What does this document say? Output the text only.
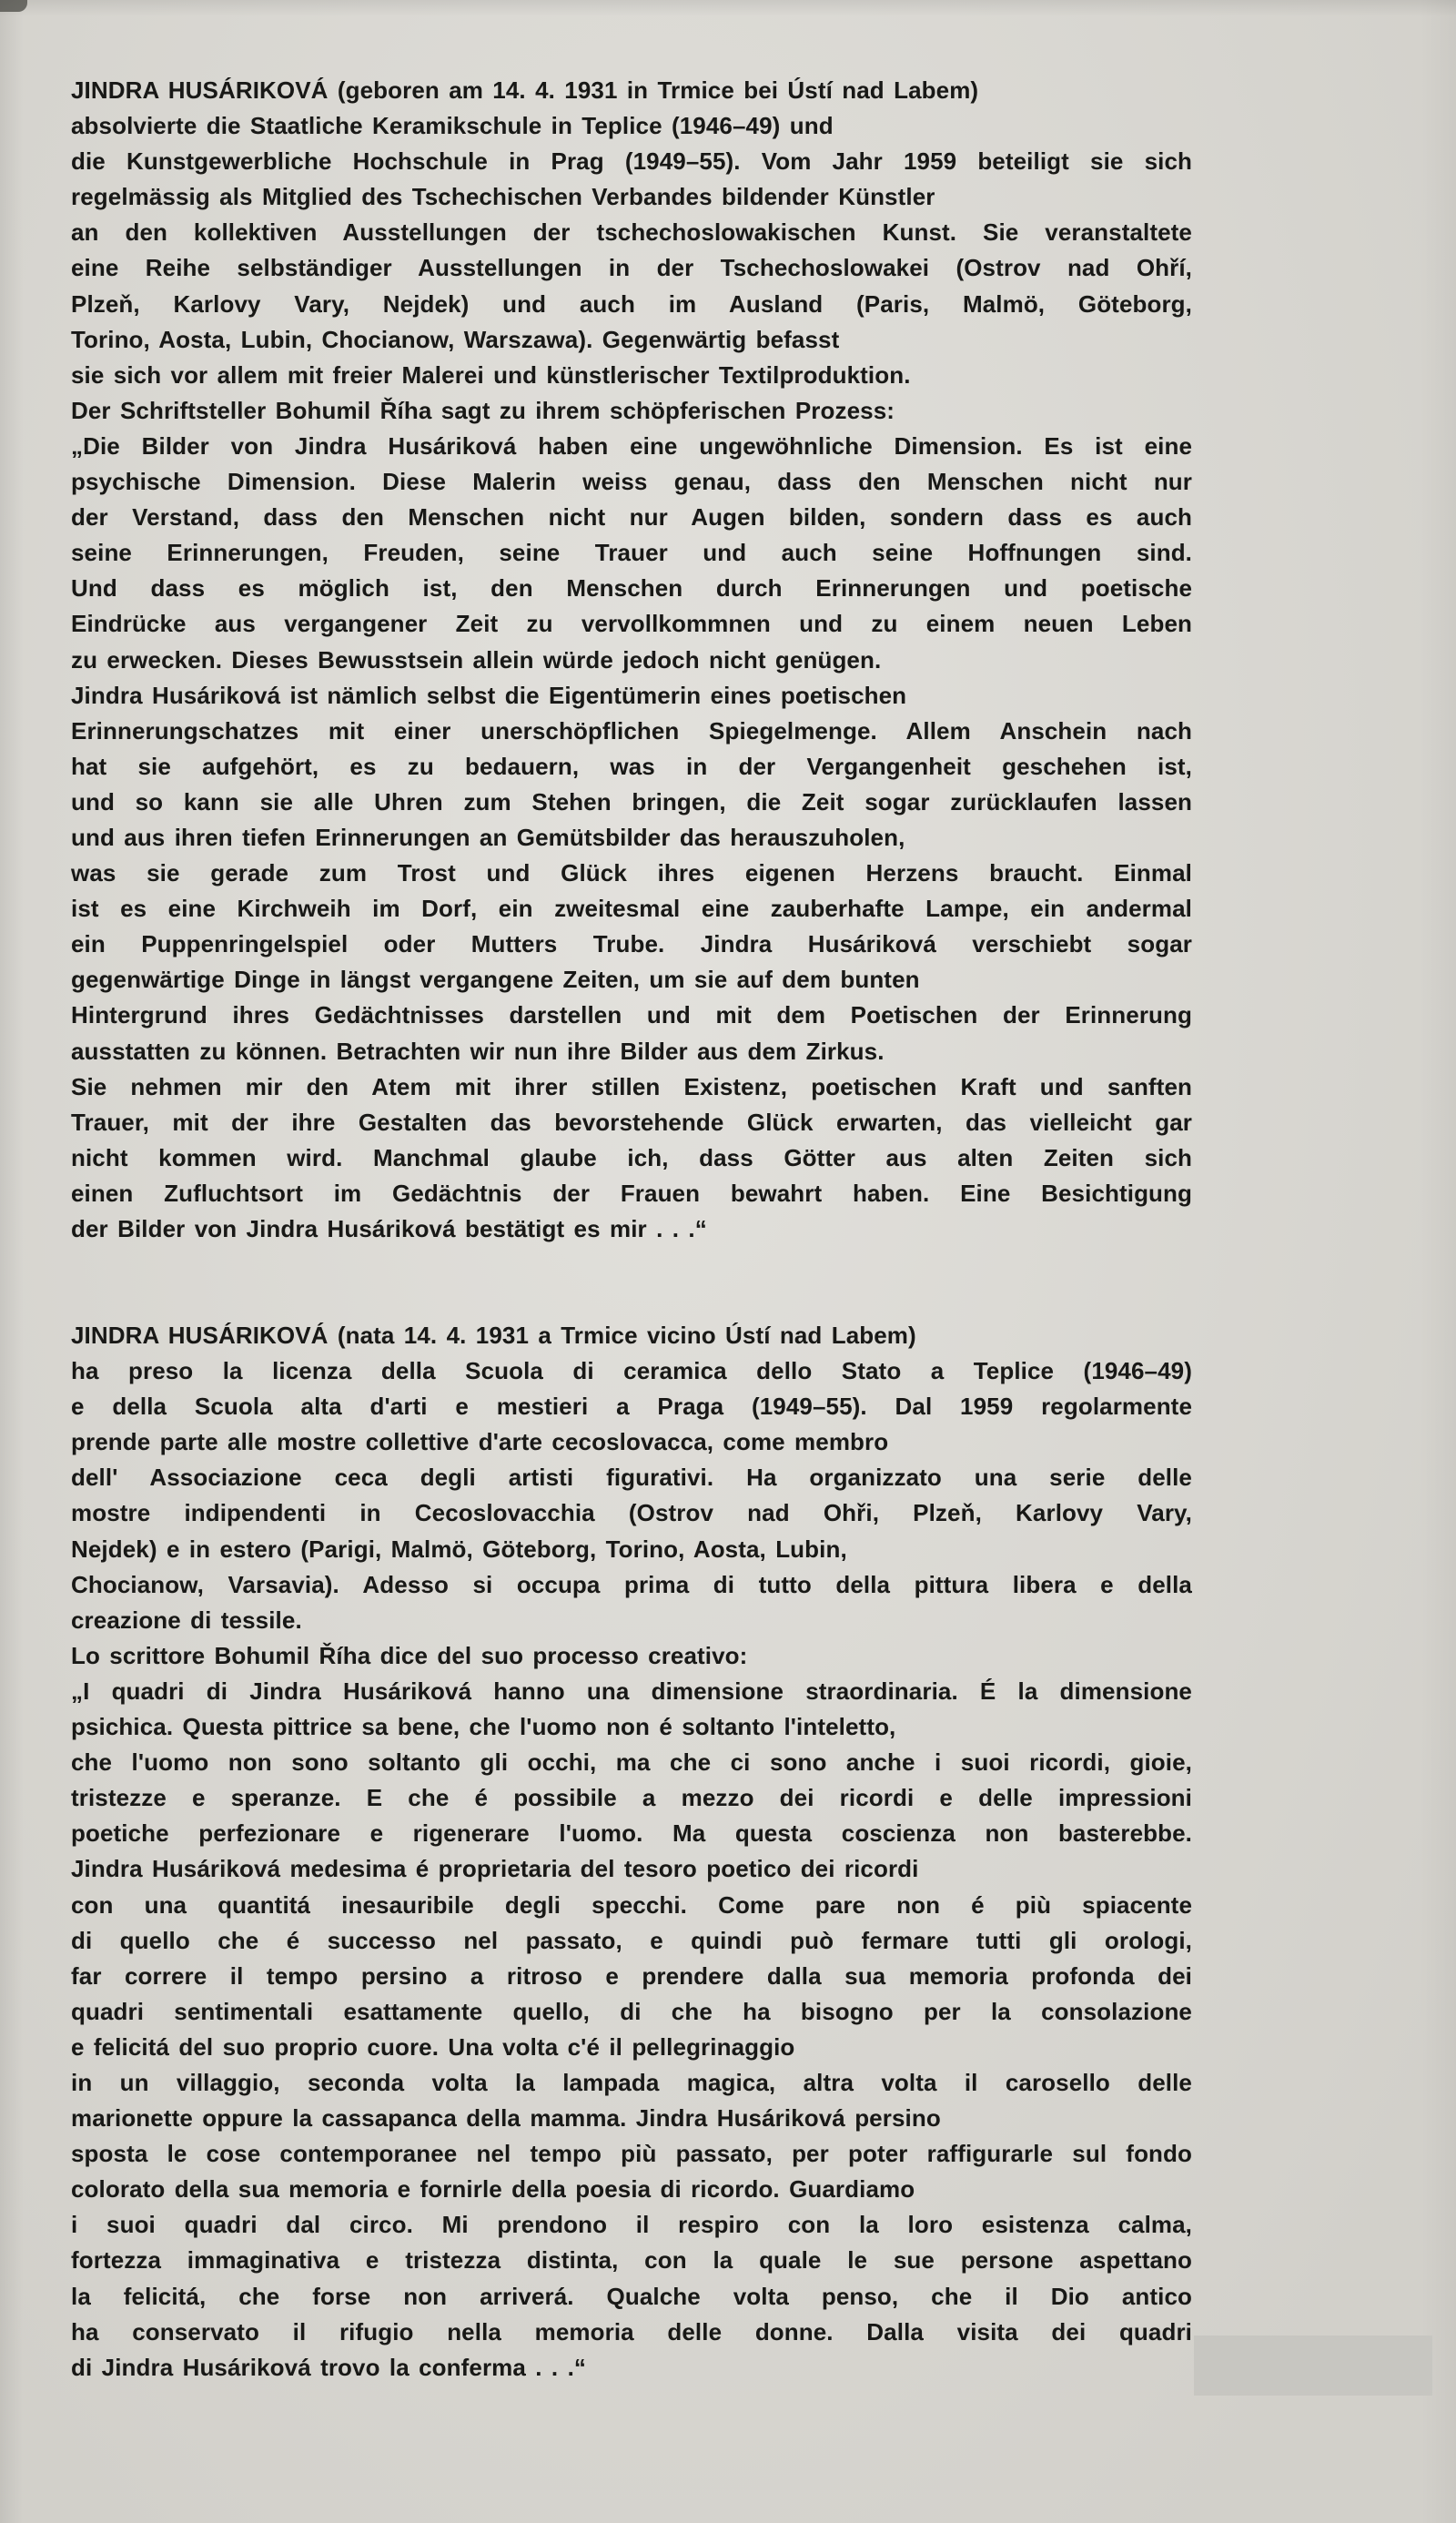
JINDRA HUSÁRIKOVÁ (geboren am 14. 4. 1931 in Trmice bei Ústí nad Labem)
absolvierte die Staatliche Keramikschule in Teplice (1946–49) und
die Kunstgewerbliche Hochschule in Prag (1949–55). Vom Jahr 1959 beteiligt sie sich
regelmässig als Mitglied des Tschechischen Verbandes bildender Künstler
an den kollektiven Ausstellungen der tschechoslowakischen Kunst. Sie veranstaltete
eine Reihe selbständiger Ausstellungen in der Tschechoslowakei (Ostrov nad Ohří,
Plzeň, Karlovy Vary, Nejdek) und auch im Ausland (Paris, Malmö, Göteborg,
Torino, Aosta, Lubin, Chocianow, Warszawa). Gegenwärtig befasst
sie sich vor allem mit freier Malerei und künstlerischer Textilproduktion.
Der Schriftsteller Bohumil Říha sagt zu ihrem schöpferischen Prozess:
„Die Bilder von Jindra Husáriková haben eine ungewöhnliche Dimension. Es ist eine
psychische Dimension. Diese Malerin weiss genau, dass den Menschen nicht nur
der Verstand, dass den Menschen nicht nur Augen bilden, sondern dass es auch
seine Erinnerungen, Freuden, seine Trauer und auch seine Hoffnungen sind.
Und dass es möglich ist, den Menschen durch Erinnerungen und poetische
Eindrücke aus vergangener Zeit zu vervollkommnen und zu einem neuen Leben
zu erwecken. Dieses Bewusstsein allein würde jedoch nicht genügen.
Jindra Husáriková ist nämlich selbst die Eigentümerin eines poetischen
Erinnerungschatzes mit einer unerschöpflichen Spiegelmenge. Allem Anschein nach
hat sie aufgehört, es zu bedauern, was in der Vergangenheit geschehen ist,
und so kann sie alle Uhren zum Stehen bringen, die Zeit sogar zurücklaufen lassen
und aus ihren tiefen Erinnerungen an Gemütsbilder das herauszuholen,
was sie gerade zum Trost und Glück ihres eigenen Herzens braucht. Einmal
ist es eine Kirchweih im Dorf, ein zweitesmal eine zauberhafte Lampe, ein andermal
ein Puppenringelspiel oder Mutters Trube. Jindra Husáriková verschiebt sogar
gegenwärtige Dinge in längst vergangene Zeiten, um sie auf dem bunten
Hintergrund ihres Gedächtnisses darstellen und mit dem Poetischen der Erinnerung
ausstatten zu können. Betrachten wir nun ihre Bilder aus dem Zirkus.
Sie nehmen mir den Atem mit ihrer stillen Existenz, poetischen Kraft und sanften
Trauer, mit der ihre Gestalten das bevorstehende Glück erwarten, das vielleicht gar
nicht kommen wird. Manchmal glaube ich, dass Götter aus alten Zeiten sich
einen Zufluchtsort im Gedächtnis der Frauen bewahrt haben. Eine Besichtigung
der Bilder von Jindra Husáriková bestätigt es mir . . .“
JINDRA HUSÁRIKOVÁ (nata 14. 4. 1931 a Trmice vicino Ústí nad Labem)
ha preso la licenza della Scuola di ceramica dello Stato a Teplice (1946–49)
e della Scuola alta d'arti e mestieri a Praga (1949–55). Dal 1959 regolarmente
prende parte alle mostre collettive d'arte cecoslovacca, come membro
dell' Associazione ceca degli artisti figurativi. Ha organizzato una serie delle
mostre indipendenti in Cecoslovacchia (Ostrov nad Ohři, Plzeň, Karlovy Vary,
Nejdek) e in estero (Parigi, Malmö, Göteborg, Torino, Aosta, Lubin,
Chocianow, Varsavia). Adesso si occupa prima di tutto della pittura libera e della
creazione di tessile.
Lo scrittore Bohumil Říha dice del suo processo creativo:
„I quadri di Jindra Husáriková hanno una dimensione straordinaria. É la dimensione
psichica. Questa pittrice sa bene, che l'uomo non é soltanto l'inteletto,
che l'uomo non sono soltanto gli occhi, ma che ci sono anche i suoi ricordi, gioie,
tristezze e speranze. E che é possibile a mezzo dei ricordi e delle impressioni
poetiche perfezionare e rigenerare l'uomo. Ma questa coscienza non basterebbe.
Jindra Husáriková medesima é proprietaria del tesoro poetico dei ricordi
con una quantitá inesauribile degli specchi. Come pare non é più spiacente
di quello che é successo nel passato, e quindi può fermare tutti gli orologi,
far correre il tempo persino a ritroso e prendere dalla sua memoria profonda dei
quadri sentimentali esattamente quello, di che ha bisogno per la consolazione
e felicitá del suo proprio cuore. Una volta c'é il pellegrinaggio
in un villaggio, seconda volta la lampada magica, altra volta il carosello delle
marionette oppure la cassapanca della mamma. Jindra Husáriková persino
sposta le cose contemporanee nel tempo più passato, per poter raffigurarle sul fondo
colorato della sua memoria e fornirle della poesia di ricordo. Guardiamo
i suoi quadri dal circo. Mi prendono il respiro con la loro esistenza calma,
fortezza immaginativa e tristezza distinta, con la quale le sue persone aspettano
la felicitá, che forse non arriverá. Qualche volta penso, che il Dio antico
ha conservato il rifugio nella memoria delle donne. Dalla visita dei quadri
di Jindra Husáriková trovo la conferma . . .“
